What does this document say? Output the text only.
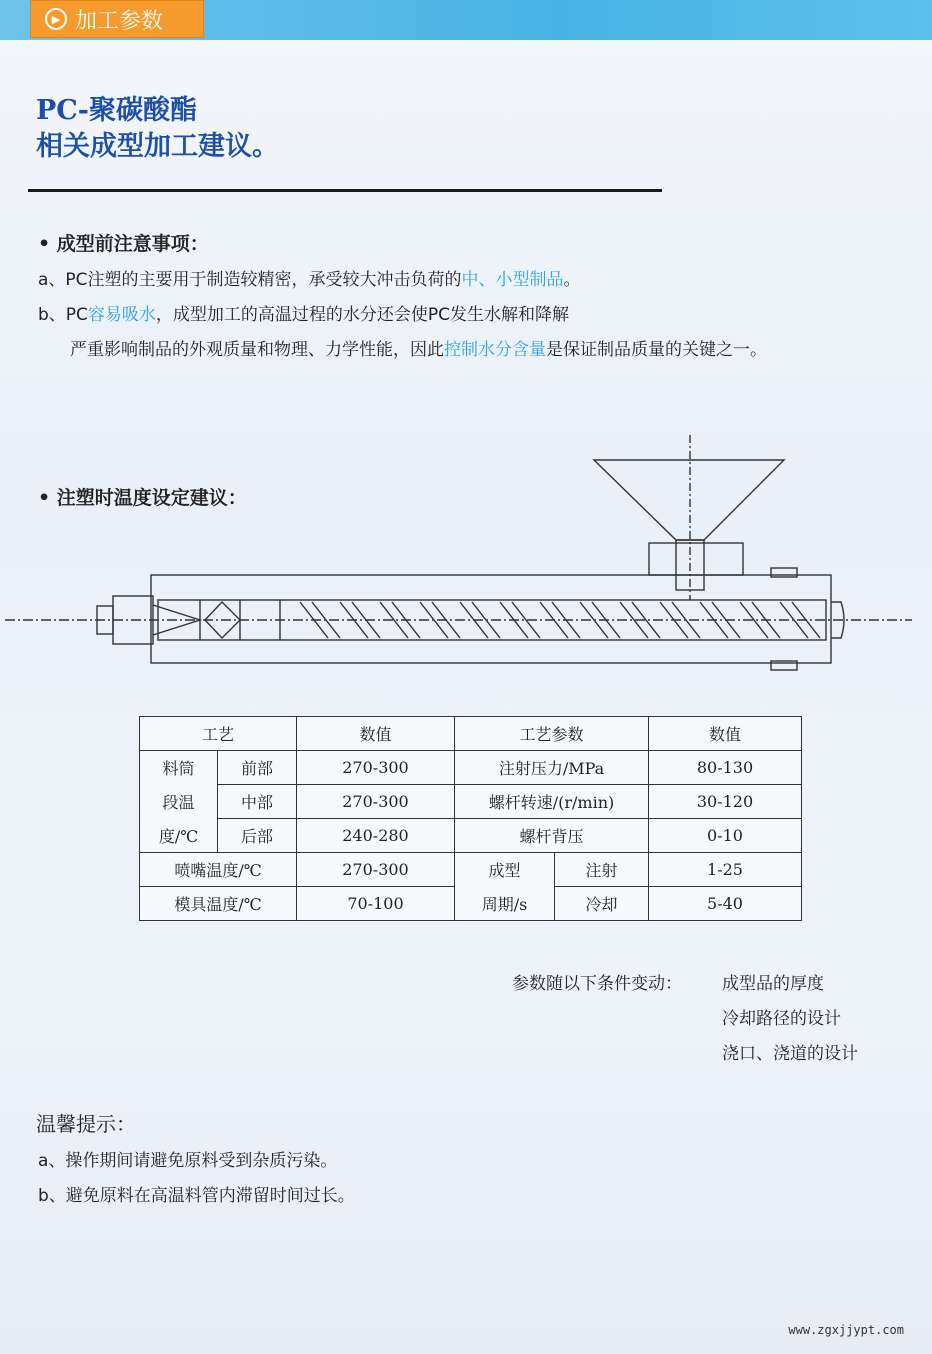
▶ 加工参数
PC-聚碳酸酯
相关成型加工建议。
• 成型前注意事项：
a、PC注塑的主要用于制造较精密，承受较大冲击负荷的中、小型制品。
b、PC容易吸水，成型加工的高温过程的水分还会使PC发生水解和降解
严重影响制品的外观质量和物理、力学性能，因此控制水分含量是保证制品质量的关键之一。
• 注塑时温度设定建议：
工艺		数值	工艺参数		数值
料筒	前部	270-300	注射压力/MPa		80-130
段温	中部	270-300	螺杆转速/(r/min)		30-120
度/℃	后部	240-280	螺杆背压		0-10
喷嘴温度/℃		270-300	成型	注射	1-25
模具温度/℃		70-100	周期/s	冷却	5-40
参数随以下条件变动： 成型品的厚度
冷却路径的设计
浇口、浇道的设计
温馨提示：
a、操作期间请避免原料受到杂质污染。
b、避免原料在高温料管内滞留时间过长。
www.zgxjjypt.com
